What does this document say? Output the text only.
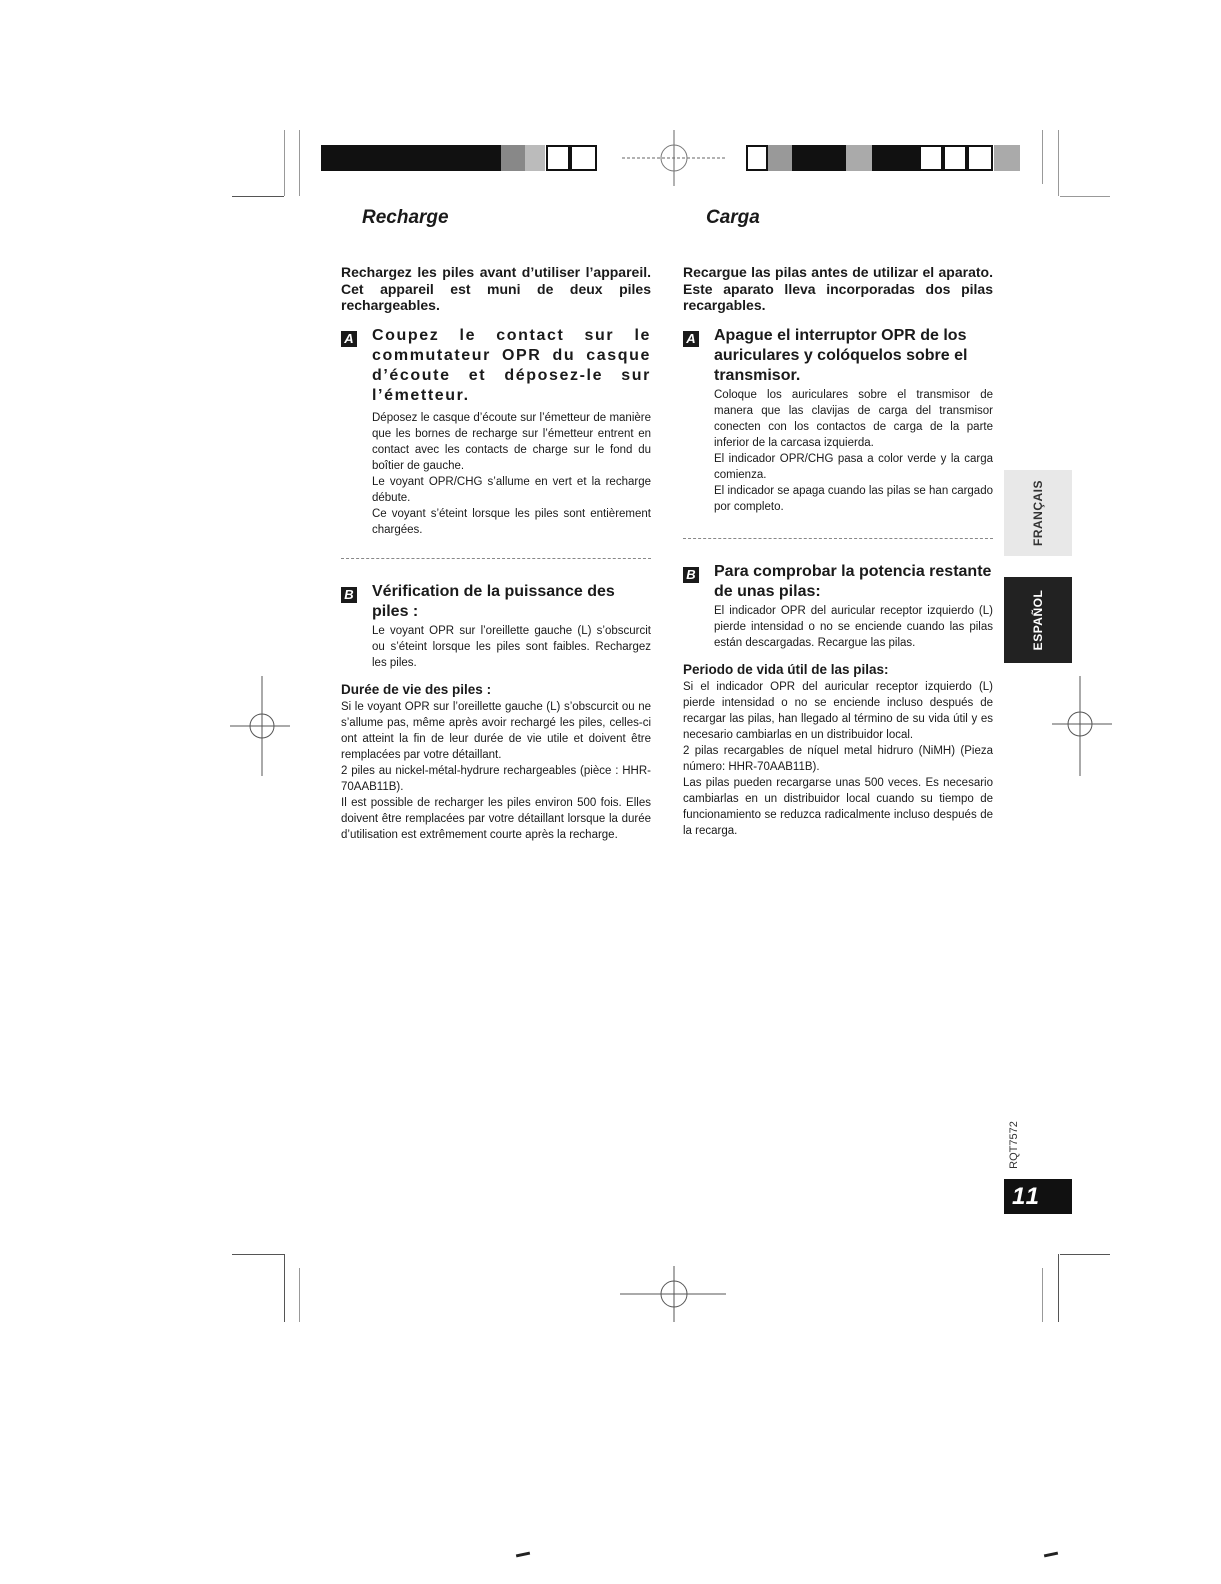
Recharge
Rechargez les piles avant d’utiliser l’appareil. Cet appareil est muni de deux piles rechargeables.
A Coupez le contact sur le commutateur OPR du casque d’écoute et déposez-le sur l’émetteur.
Déposez le casque d’écoute sur l’émetteur de manière que les bornes de recharge sur l’émetteur entrent en contact avec les contacts de charge sur le fond du boîtier de gauche.
Le voyant OPR/CHG s’allume en vert et la recharge débute.
Ce voyant s’éteint lorsque les piles sont entièrement chargées.
B Vérification de la puissance des piles :
Le voyant OPR sur l’oreillette gauche (L) s’obscurcit ou s’éteint lorsque les piles sont faibles. Rechargez les piles.
Durée de vie des piles :
Si le voyant OPR sur l’oreillette gauche (L) s’obscurcit ou ne s’allume pas, même après avoir rechargé les piles, celles-ci ont atteint la fin de leur durée de vie utile et doivent être remplacées par votre détaillant.
2 piles au nickel-métal-hydrure rechargeables (pièce : HHR-70AAB11B).
Il est possible de recharger les piles environ 500 fois. Elles doivent être remplacées par votre détaillant lorsque la durée d’utilisation est extrêmement courte après la recharge.
Carga
Recargue las pilas antes de utilizar el aparato. Este aparato lleva incorporadas dos pilas recargables.
A Apague el interruptor OPR de los auriculares y colóquelos sobre el transmisor.
Coloque los auriculares sobre el transmisor de manera que las clavijas de carga del transmisor conecten con los contactos de carga de la parte inferior de la carcasa izquierda.
El indicador OPR/CHG pasa a color verde y la carga comienza.
El indicador se apaga cuando las pilas se han cargado por completo.
B Para comprobar la potencia restante de unas pilas:
El indicador OPR del auricular receptor izquierdo (L) pierde intensidad o no se enciende cuando las pilas están descargadas. Recargue las pilas.
Periodo de vida útil de las pilas:
Si el indicador OPR del auricular receptor izquierdo (L) pierde intensidad o no se enciende incluso después de recargar las pilas, han llegado al término de su vida útil y es necesario cambiarlas en un distribuidor local.
2 pilas recargables de níquel metal hidruro (NiMH) (Pieza número: HHR-70AAB11B).
Las pilas pueden recargarse unas 500 veces. Es necesario cambiarlas en un distribuidor local cuando su tiempo de funcionamiento se reduzca radicalmente incluso después de la recarga.
FRANÇAIS
ESPAÑOL
RQT7572
11
